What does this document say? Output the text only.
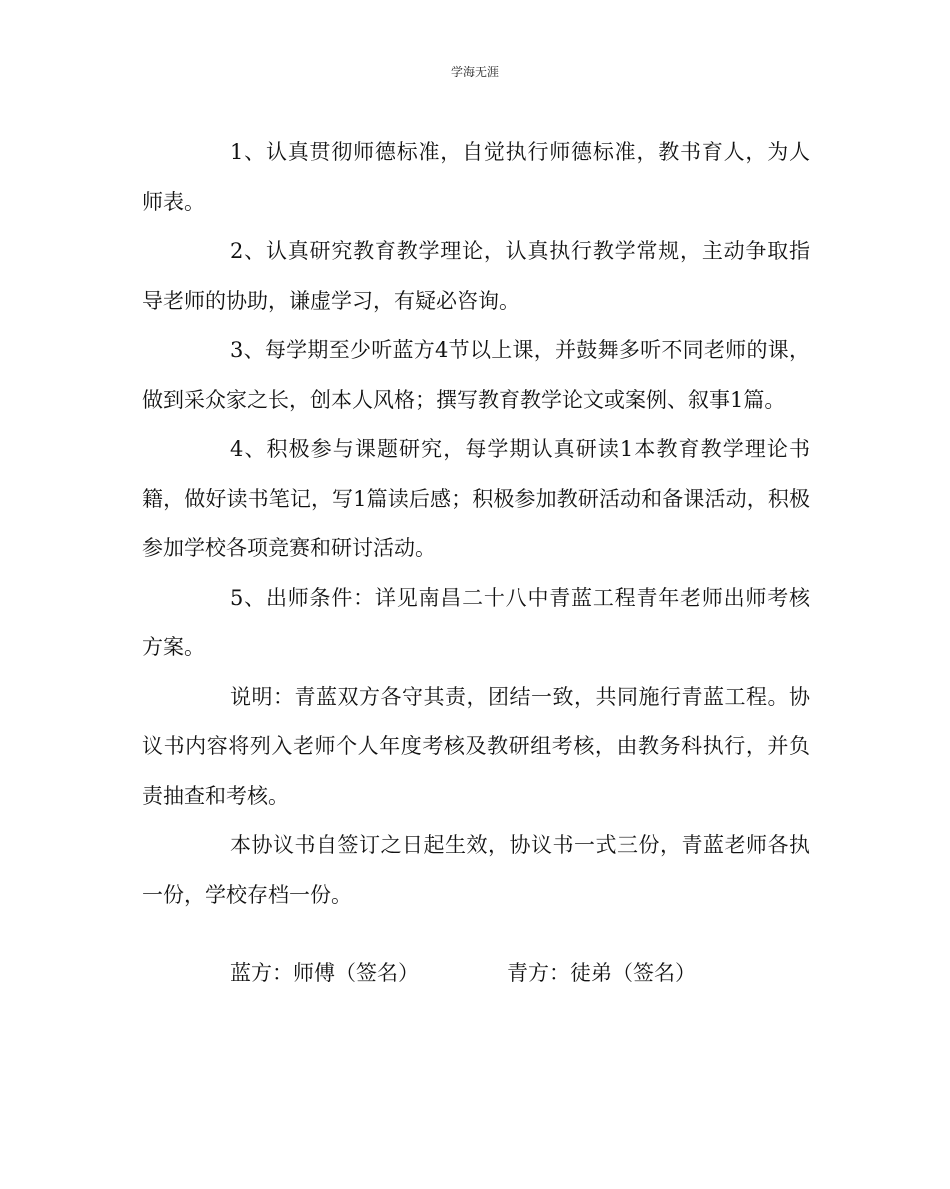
学海无涯

1、认真贯彻师德标准，自觉执行师德标准，教书育人，为人师表。

2、认真研究教育教学理论，认真执行教学常规，主动争取指导老师的协助，谦虚学习，有疑必咨询。

3、每学期至少听蓝方4节以上课，并鼓舞多听不同老师的课，做到采众家之长，创本人风格；撰写教育教学论文或案例、叙事1篇。

4、积极参与课题研究，每学期认真研读1本教育教学理论书籍，做好读书笔记，写1篇读后感；积极参加教研活动和备课活动，积极参加学校各项竞赛和研讨活动。

5、出师条件：详见南昌二十八中青蓝工程青年老师出师考核方案。

说明：青蓝双方各守其责，团结一致，共同施行青蓝工程。协议书内容将列入老师个人年度考核及教研组考核，由教务科执行，并负责抽查和考核。

本协议书自签订之日起生效，协议书一式三份，青蓝老师各执一份，学校存档一份。

蓝方：师傅（签名）	青方：徒弟（签名）
